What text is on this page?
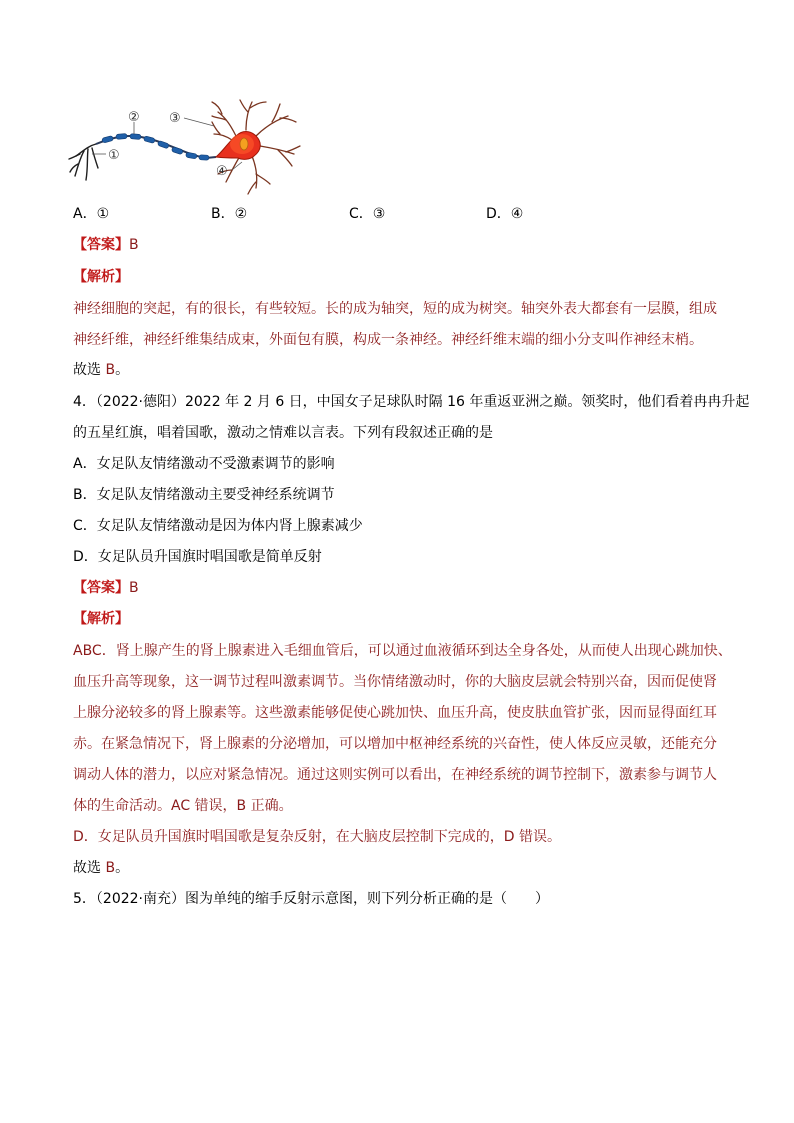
①
② ③
④
A．①	B．②	C．③	D．④
【答案】B
【解析】
神经细胞的突起，有的很长，有些较短。长的成为轴突，短的成为树突。轴突外表大都套有一层膜，组成
神经纤维，神经纤维集结成束，外面包有膜，构成一条神经。神经纤维末端的细小分支叫作神经末梢。
故选 B。
4．（2022·德阳）2022 年 2 月 6 日，中国女子足球队时隔 16 年重返亚洲之巅。领奖时，他们看着冉冉升起
的五星红旗，唱着国歌，激动之情难以言表。下列有段叙述正确的是
A．女足队友情绪激动不受激素调节的影响
B．女足队友情绪激动主要受神经系统调节
C．女足队友情绪激动是因为体内肾上腺素减少
D．女足队员升国旗时唱国歌是简单反射
【答案】B
【解析】
ABC．肾上腺产生的肾上腺素进入毛细血管后，可以通过血液循环到达全身各处，从而使人出现心跳加快、
血压升高等现象，这一调节过程叫激素调节。当你情绪激动时，你的大脑皮层就会特别兴奋，因而促使肾
上腺分泌较多的肾上腺素等。这些激素能够促使心跳加快、血压升高，使皮肤血管扩张，因而显得面红耳
赤。在紧急情况下，肾上腺素的分泌增加，可以增加中枢神经系统的兴奋性，使人体反应灵敏，还能充分
调动人体的潜力，以应对紧急情况。通过这则实例可以看出，在神经系统的调节控制下，激素参与调节人
体的生命活动。AC 错误，B 正确。
D．女足队员升国旗时唱国歌是复杂反射，在大脑皮层控制下完成的，D 错误。
故选 B。
5．（2022·南充）图为单纯的缩手反射示意图，则下列分析正确的是（　　）
